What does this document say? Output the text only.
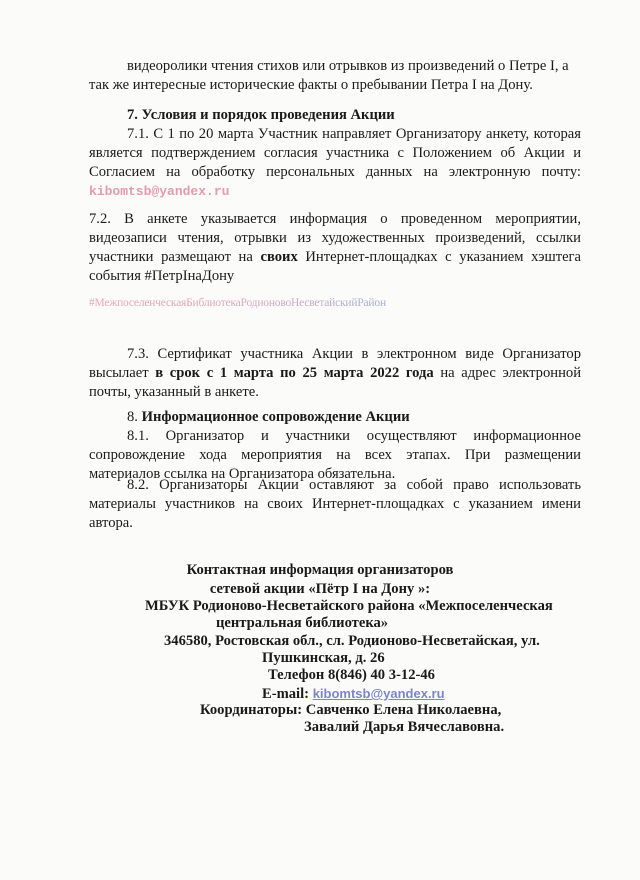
видеоролики чтения стихов или отрывков из произведений о Петре I, а

так же интересные исторические факты о пребывании Петра I на Дону.

7. Условия и порядок проведения Акции

7.1. С 1 по 20 марта Участник направляет Организатору анкету, которая является подтверждением согласия участника с Положением об Акции и Согласием на обработку персональных данных на электронную почту: kibomtsb@yandex.ru

7.2. В анкете указывается информация о проведенном мероприятии, видеозаписи чтения, отрывки из художественных произведений, ссылки участники размещают на своих Интернет-площадках с указанием хэштега события #ПетрIнаДону

#МежпоселенческаяБиблиотекаРодионовоНесветайскийРайон

7.3. Сертификат участника Акции в электронном виде Организатор высылает в срок с 1 марта по 25 марта 2022 года на адрес электронной почты, указанный в анкете.

8. Информационное сопровождение Акции

8.1. Организатор и участники осуществляют информационное сопровождение хода мероприятия на всех этапах. При размещении материалов ссылка на Организатора обязательна.

8.2. Организаторы Акции оставляют за собой право использовать материалы участников на своих Интернет-площадках с указанием имени автора.

Контактная информация организаторов
сетевой акции «Пётр I на Дону »:
МБУК Родионово-Несветайского района «Межпоселенческая
центральная библиотека»
346580, Ростовская обл., сл. Родионово-Несветайская, ул.
Пушкинская, д. 26
Телефон 8(846) 40 3-12-46
E-mail: kibomtsb@yandex.ru
Координаторы: Савченко Елена Николаевна,
Завалий Дарья Вячеславовна.
